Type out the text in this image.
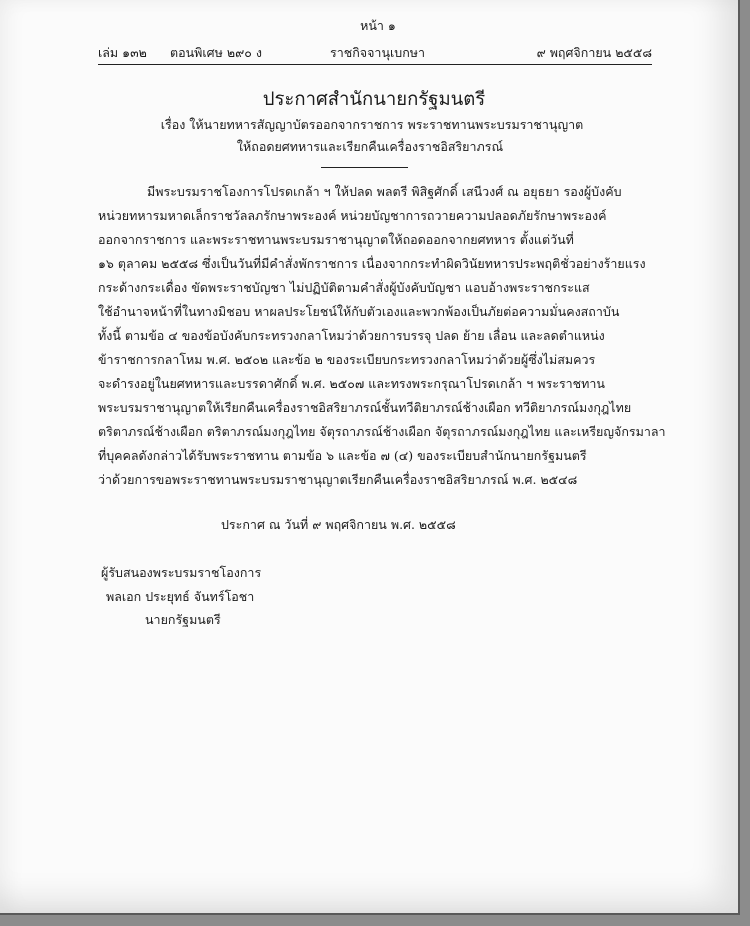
หน้า ๑
เล่ม ๑๓๒ ตอนพิเศษ ๒๙๐ ง	ราชกิจจานุเบกษา	๙ พฤศจิกายน ๒๕๕๘
ประกาศสำนักนายกรัฐมนตรี
เรื่อง ให้นายทหารสัญญาบัตรออกจากราชการ พระราชทานพระบรมราชานุญาต
ให้ถอดยศทหารและเรียกคืนเครื่องราชอิสริยาภรณ์
มีพระบรมราชโองการโปรดเกล้า ฯ ให้ปลด พลตรี พิสิฐศักดิ์ เสนีวงศ์ ณ อยุธยา รองผู้บังคับ
หน่วยทหารมหาดเล็กราชวัลลภรักษาพระองค์ หน่วยบัญชาการถวายความปลอดภัยรักษาพระองค์
ออกจากราชการ และพระราชทานพระบรมราชานุญาตให้ถอดออกจากยศทหาร ตั้งแต่วันที่
๑๖ ตุลาคม ๒๕๕๘ ซึ่งเป็นวันที่มีคำสั่งพักราชการ เนื่องจากกระทำผิดวินัยทหารประพฤติชั่วอย่างร้ายแรง
กระด้างกระเดื่อง ขัดพระราชบัญชา ไม่ปฏิบัติตามคำสั่งผู้บังคับบัญชา แอบอ้างพระราชกระแส
ใช้อำนาจหน้าที่ในทางมิชอบ หาผลประโยชน์ให้กับตัวเองและพวกพ้องเป็นภัยต่อความมั่นคงสถาบัน
ทั้งนี้ ตามข้อ ๔ ของข้อบังคับกระทรวงกลาโหมว่าด้วยการบรรจุ ปลด ย้าย เลื่อน และลดตำแหน่ง
ข้าราชการกลาโหม พ.ศ. ๒๕๐๒ และข้อ ๒ ของระเบียบกระทรวงกลาโหมว่าด้วยผู้ซึ่งไม่สมควร
จะดำรงอยู่ในยศทหารและบรรดาศักดิ์ พ.ศ. ๒๕๐๗ และทรงพระกรุณาโปรดเกล้า ฯ พระราชทาน
พระบรมราชานุญาตให้เรียกคืนเครื่องราชอิสริยาภรณ์ชั้นทวีติยาภรณ์ช้างเผือก ทวีติยาภรณ์มงกุฎไทย
ตริตาภรณ์ช้างเผือก ตริตาภรณ์มงกุฎไทย จัตุรถาภรณ์ช้างเผือก จัตุรถาภรณ์มงกุฎไทย และเหรียญจักรมาลา
ที่บุคคลดังกล่าวได้รับพระราชทาน ตามข้อ ๖ และข้อ ๗ (๔) ของระเบียบสำนักนายกรัฐมนตรี
ว่าด้วยการขอพระราชทานพระบรมราชานุญาตเรียกคืนเครื่องราชอิสริยาภรณ์ พ.ศ. ๒๕๔๘
ประกาศ ณ วันที่ ๙ พฤศจิกายน พ.ศ. ๒๕๕๘
ผู้รับสนองพระบรมราชโองการ
พลเอก ประยุทธ์ จันทร์โอชา
นายกรัฐมนตรี
